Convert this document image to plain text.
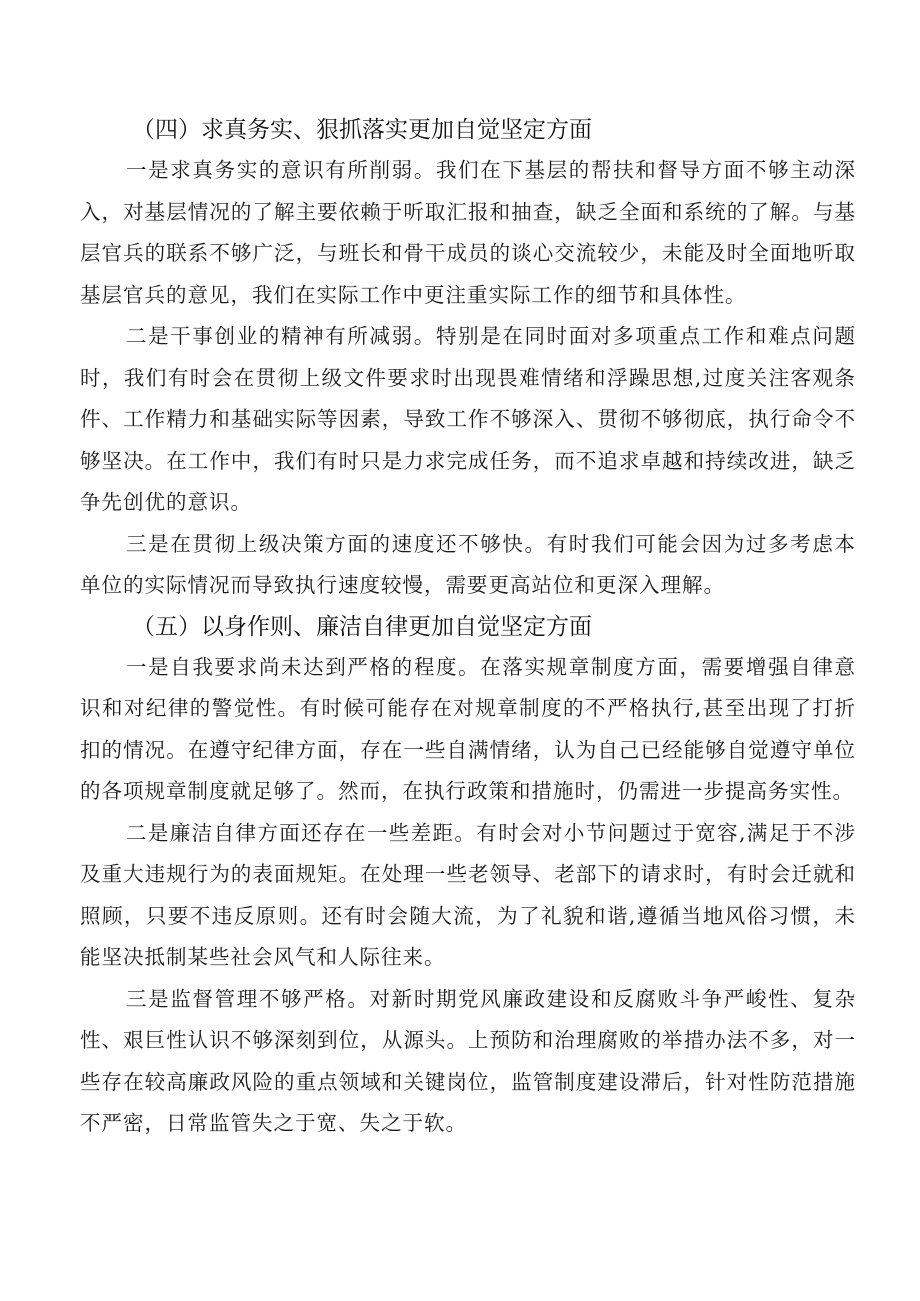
（四）求真务实、狠抓落实更加自觉坚定方面

一是求真务实的意识有所削弱。我们在下基层的帮扶和督导方面不够主动深入，对基层情况的了解主要依赖于听取汇报和抽查，缺乏全面和系统的了解。与基层官兵的联系不够广泛，与班长和骨干成员的谈心交流较少，未能及时全面地听取基层官兵的意见，我们在实际工作中更注重实际工作的细节和具体性。

二是干事创业的精神有所减弱。特别是在同时面对多项重点工作和难点问题时，我们有时会在贯彻上级文件要求时出现畏难情绪和浮躁思想,过度关注客观条件、工作精力和基础实际等因素，导致工作不够深入、贯彻不够彻底，执行命令不够坚决。在工作中，我们有时只是力求完成任务，而不追求卓越和持续改进，缺乏争先创优的意识。

三是在贯彻上级决策方面的速度还不够快。有时我们可能会因为过多考虑本单位的实际情况而导致执行速度较慢，需要更高站位和更深入理解。

（五）以身作则、廉洁自律更加自觉坚定方面

一是自我要求尚未达到严格的程度。在落实规章制度方面，需要增强自律意识和对纪律的警觉性。有时候可能存在对规章制度的不严格执行,甚至出现了打折扣的情况。在遵守纪律方面，存在一些自满情绪，认为自己已经能够自觉遵守单位的各项规章制度就足够了。然而，在执行政策和措施时，仍需进一步提高务实性。

二是廉洁自律方面还存在一些差距。有时会对小节问题过于宽容,满足于不涉及重大违规行为的表面规矩。在处理一些老领导、老部下的请求时，有时会迁就和照顾，只要不违反原则。还有时会随大流，为了礼貌和谐,遵循当地风俗习惯，未能坚决抵制某些社会风气和人际往来。

三是监督管理不够严格。对新时期党风廉政建设和反腐败斗争严峻性、复杂性、艰巨性认识不够深刻到位，从源头。上预防和治理腐败的举措办法不多，对一些存在较高廉政风险的重点领域和关键岗位，监管制度建设滞后，针对性防范措施不严密，日常监管失之于宽、失之于软。
